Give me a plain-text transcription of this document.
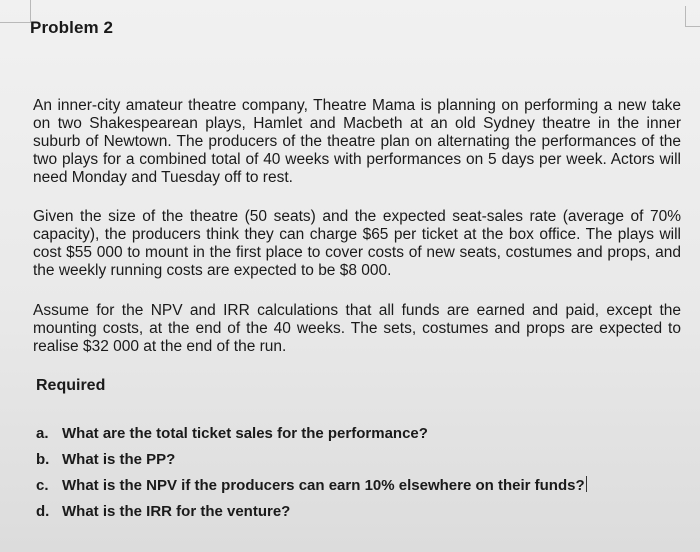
Problem 2

An inner-city amateur theatre company, Theatre Mama is planning on performing a new take on two Shakespearean plays, Hamlet and Macbeth at an old Sydney theatre in the inner suburb of Newtown. The producers of the theatre plan on alternating the performances of the two plays for a combined total of 40 weeks with performances on 5 days per week. Actors will need Monday and Tuesday off to rest.

Given the size of the theatre (50 seats) and the expected seat-sales rate (average of 70% capacity), the producers think they can charge $65 per ticket at the box office. The plays will cost $55 000 to mount in the first place to cover costs of new seats, costumes and props, and the weekly running costs are expected to be $8 000.

Assume for the NPV and IRR calculations that all funds are earned and paid, except the mounting costs, at the end of the 40 weeks. The sets, costumes and props are expected to realise $32 000 at the end of the run.

Required
a. What are the total ticket sales for the performance?
b. What is the PP?
c. What is the NPV if the producers can earn 10% elsewhere on their funds?
d. What is the IRR for the venture?
